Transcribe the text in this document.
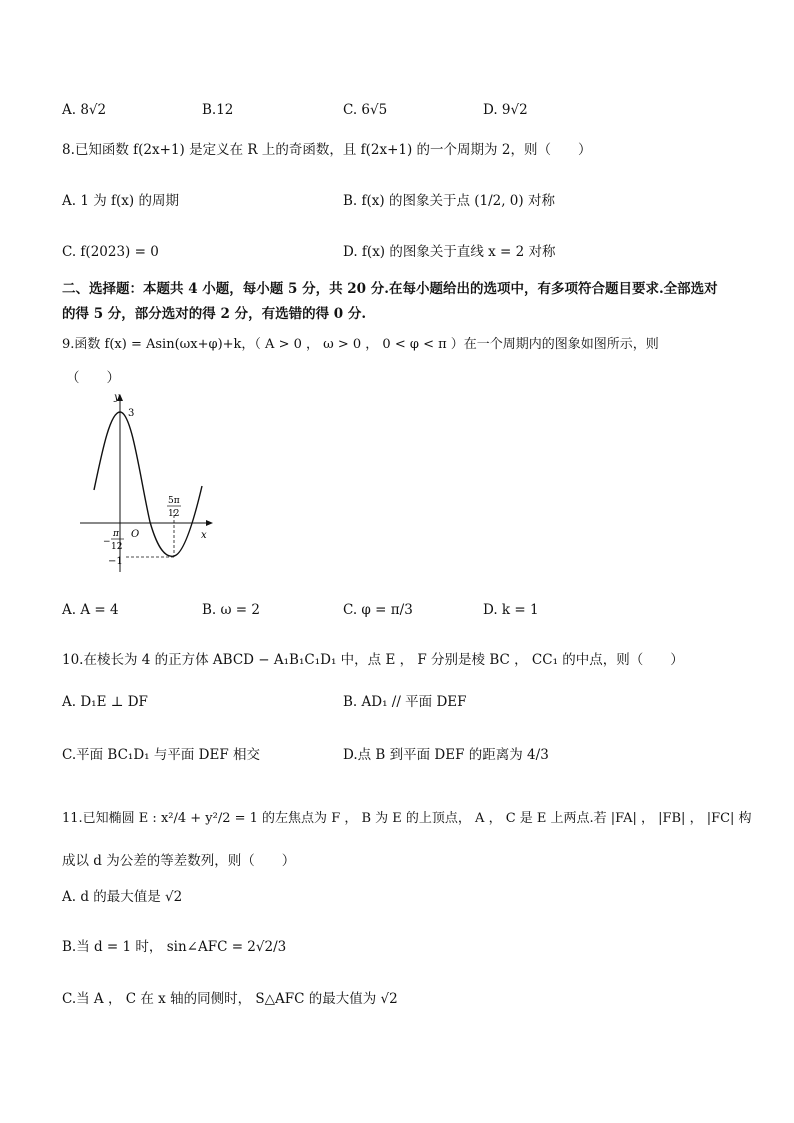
A. 8√2	B.12	C. 6√5	D. 9√2
8.已知函数 f(2x+1) 是定义在 R 上的奇函数，且 f(2x+1) 的一个周期为 2，则（　　）
A. 1 为 f(x) 的周期	B. f(x) 的图象关于点 (1/2, 0) 对称
C. f(2023) = 0	D. f(x) 的图象关于直线 x = 2 对称
二、选择题：本题共 4 小题，每小题 5 分，共 20 分.在每小题给出的选项中，有多项符合题目要求.全部选对
的得 5 分，部分选对的得 2 分，有选错的得 0 分.
9.函数 f(x) = Asin(ωx+φ)+k，（ A > 0 ， ω > 0 ， 0 < φ < π ）在一个周期内的图象如图所示，则
（　　）
y
x
O
3
−1
−
π
12
5π
12
A. A = 4	B. ω = 2	C. φ = π/3	D. k = 1
10.在棱长为 4 的正方体 ABCD − A₁B₁C₁D₁ 中，点 E ， F 分别是棱 BC ， CC₁ 的中点，则（　　）
A. D₁E ⊥ DF	B. AD₁ // 平面 DEF
C.平面 BC₁D₁ 与平面 DEF 相交	D.点 B 到平面 DEF 的距离为 4/3
11.已知椭圆 E : x²/4 + y²/2 = 1 的左焦点为 F ， B 为 E 的上顶点， A ， C 是 E 上两点.若 |FA| ， |FB| ， |FC| 构
成以 d 为公差的等差数列，则（　　）
A. d 的最大值是 √2
B.当 d = 1 时， sin∠AFC = 2√2/3
C.当 A ， C 在 x 轴的同侧时， S△AFC 的最大值为 √2
